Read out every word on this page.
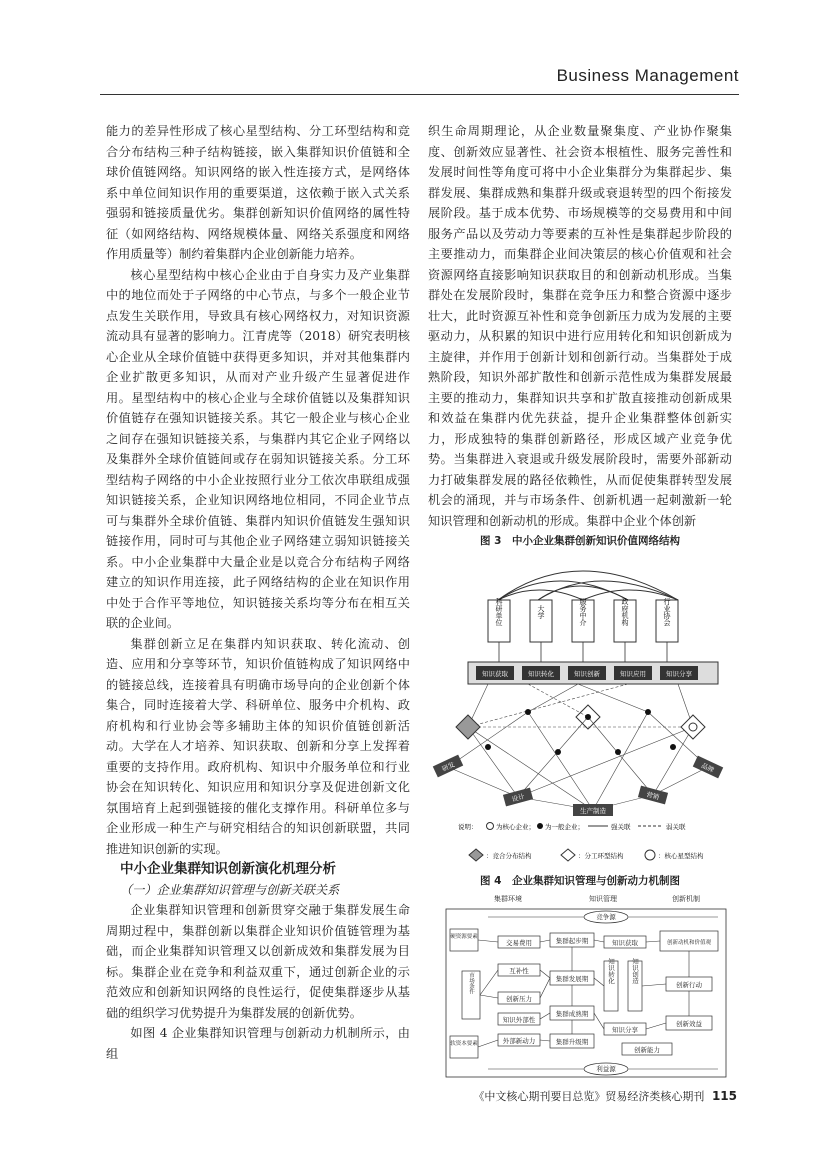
Business Management

能力的差异性形成了核心星型结构、分工环型结构和竞合分布结构三种子结构链接，嵌入集群知识价值链和全球价值链网络。知识网络的嵌入性连接方式，是网络体系中单位间知识作用的重要渠道，这依赖于嵌入式关系强弱和链接质量优劣。集群创新知识价值网络的属性特征（如网络结构、网络规模体量、网络关系强度和网络作用质量等）制约着集群内企业创新能力培养。

核心星型结构中核心企业由于自身实力及产业集群中的地位而处于子网络的中心节点，与多个一般企业节点发生关联作用，导致具有核心网络权力，对知识资源流动具有显著的影响力。江青虎等（2018）研究表明核心企业从全球价值链中获得更多知识，并对其他集群内企业扩散更多知识，从而对产业升级产生显著促进作用。星型结构中的核心企业与全球价值链以及集群知识价值链存在强知识链接关系。其它一般企业与核心企业之间存在强知识链接关系，与集群内其它企业子网络以及集群外全球价值链间或存在弱知识链接关系。分工环型结构子网络的中小企业按照行业分工依次串联组成强知识链接关系，企业知识网络地位相同，不同企业节点可与集群外全球价值链、集群内知识价值链发生强知识链接作用，同时可与其他企业子网络建立弱知识链接关系。中小企业集群中大量企业是以竞合分布结构子网络建立的知识作用连接，此子网络结构的企业在知识作用中处于合作平等地位，知识链接关系均等分布在相互关联的企业间。

集群创新立足在集群内知识获取、转化流动、创造、应用和分享等环节，知识价值链构成了知识网络中的链接总线，连接着具有明确市场导向的企业创新个体集合，同时连接着大学、科研单位、服务中介机构、政府机构和行业协会等多辅助主体的知识价值链创新活动。大学在人才培养、知识获取、创新和分享上发挥着重要的支持作用。政府机构、知识中介服务单位和行业协会在知识转化、知识应用和知识分享及促进创新文化氛围培育上起到强链接的催化支撑作用。科研单位多与企业形成一种生产与研究相结合的知识创新联盟，共同推进知识创新的实现。

中小企业集群知识创新演化机理分析

（一）企业集群知识管理与创新关联关系

企业集群知识管理和创新贯穿交融于集群发展生命周期过程中，集群创新以集群企业知识价值链管理为基础，而企业集群知识管理又以创新成效和集群发展为目标。集群企业在竞争和利益双重下，通过创新企业的示范效应和创新知识网络的良性运行，促使集群逐步从基础的组织学习优势提升为集群发展的创新优势。

如图 4 企业集群知识管理与创新动力机制所示，由组

织生命周期理论，从企业数量聚集度、产业协作聚集度、创新效应显著性、社会资本根植性、服务完善性和发展时间性等角度可将中小企业集群分为集群起步、集群发展、集群成熟和集群升级或衰退转型的四个衔接发展阶段。基于成本优势、市场规模等的交易费用和中间服务产品以及劳动力等要素的互补性是集群起步阶段的主要推动力，而集群企业间决策层的核心价值观和社会资源网络直接影响知识获取目的和创新动机形成。当集群处在发展阶段时，集群在竞争压力和整合资源中逐步壮大，此时资源互补性和竞争创新压力成为发展的主要驱动力，从积累的知识中进行应用转化和知识创新成为主旋律，并作用于创新计划和创新行动。当集群处于成熟阶段，知识外部扩散性和创新示范性成为集群发展最主要的推动力，集群知识共享和扩散直接推动创新成果和效益在集群内优先获益，提升企业集群整体创新实力，形成独特的集群创新路径，形成区域产业竞争优势。当集群进入衰退或升级发展阶段时，需要外部新动力打破集群发展的路径依赖性，从而促使集群转型发展机会的涌现，并与市场条件、创新机遇一起刺激新一轮知识管理和创新动机的形成。集群中企业个体创新

图 3　中小企业集群创新知识价值网络结构

科研单位	大学	服务中介	政府机构	行业协会
知识获取	知识转化	知识创新	知识应用	知识分享
研发
设计
生产制造
营销
品牌
说明：	为核心企业； 为一般企业；	强关联	弱关联

：竞合分布结构	：分工环型结构	：核心星型结构

图 4　企业集群知识管理与创新动力机制图

集群环境	知识管理	创新机制
竞争源
利益源
硬资源要素
市场条件
软资本要素
交易费用
互补性
创新压力
知识外部性
外部新动力
集群起步期
集群发展期
集群成熟期
集群升级期
知识获取
知识转化 知识创造
知识分享
创新动机和价值观
创新行动
创新效益
创新能力
《中文核心期刊要目总览》贸易经济类核心期刊 115
